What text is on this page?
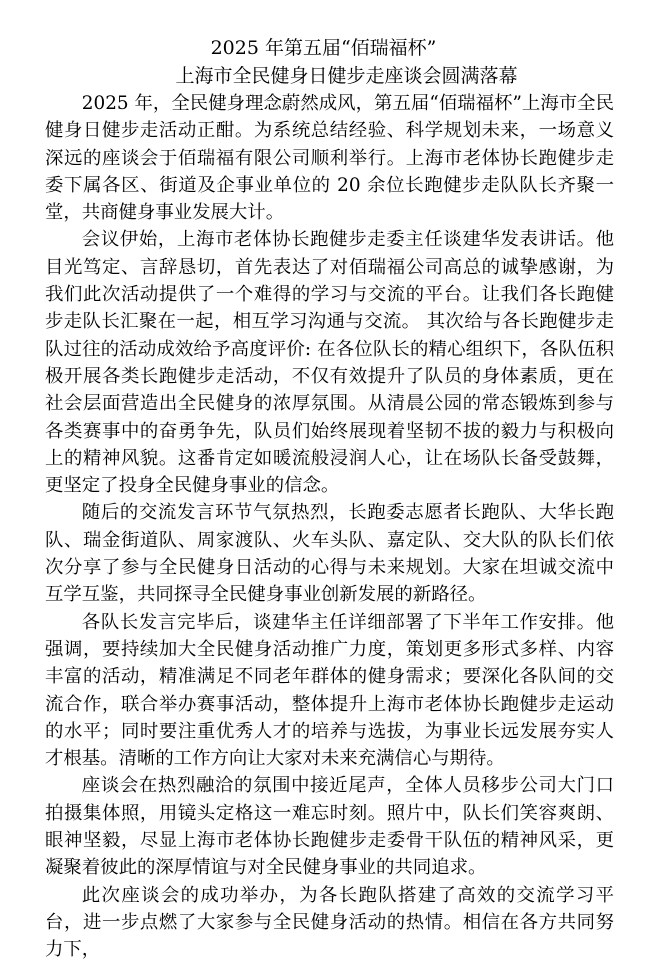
2025 年第五届“佰瑞福杯”
上海市全民健身日健步走座谈会圆满落幕

2025 年，全民健身理念蔚然成风，第五届“佰瑞福杯”上海市全民健身日健步走活动正酣。为系统总结经验、科学规划未来，一场意义深远的座谈会于佰瑞福有限公司顺利举行。上海市老体协长跑健步走委下属各区、街道及企事业单位的 20 余位长跑健步走队队长齐聚一堂，共商健身事业发展大计。

会议伊始，上海市老体协长跑健步走委主任谈建华发表讲话。他目光笃定、言辞恳切，首先表达了对佰瑞福公司高总的诚挚感谢，为我们此次活动提供了一个难得的学习与交流的平台。让我们各长跑健步走队长汇聚在一起，相互学习沟通与交流。 其次给与各长跑健步走队过往的活动成效给予高度评价: 在各位队长的精心组织下，各队伍积极开展各类长跑健步走活动，不仅有效提升了队员的身体素质，更在社会层面营造出全民健身的浓厚氛围。从清晨公园的常态锻炼到参与各类赛事中的奋勇争先，队员们始终展现着坚韧不拔的毅力与积极向上的精神风貌。这番肯定如暖流般浸润人心，让在场队长备受鼓舞，更坚定了投身全民健身事业的信念。

随后的交流发言环节气氛热烈，长跑委志愿者长跑队、大华长跑队、瑞金街道队、周家渡队、火车头队、嘉定队、交大队的队长们依次分享了参与全民健身日活动的心得与未来规划。大家在坦诚交流中互学互鉴，共同探寻全民健身事业创新发展的新路径。

各队长发言完毕后，谈建华主任详细部署了下半年工作安排。他强调，要持续加大全民健身活动推广力度，策划更多形式多样、内容丰富的活动，精准满足不同老年群体的健身需求；要深化各队间的交流合作，联合举办赛事活动，整体提升上海市老体协长跑健步走运动的水平；同时要注重优秀人才的培养与选拔，为事业长远发展夯实人才根基。清晰的工作方向让大家对未来充满信心与期待。

座谈会在热烈融洽的氛围中接近尾声，全体人员移步公司大门口拍摄集体照，用镜头定格这一难忘时刻。照片中，队长们笑容爽朗、眼神坚毅，尽显上海市老体协长跑健步走委骨干队伍的精神风采，更凝聚着彼此的深厚情谊与对全民健身事业的共同追求。

此次座谈会的成功举办，为各长跑队搭建了高效的交流学习平台，进一步点燃了大家参与全民健身活动的热情。相信在各方共同努力下，
